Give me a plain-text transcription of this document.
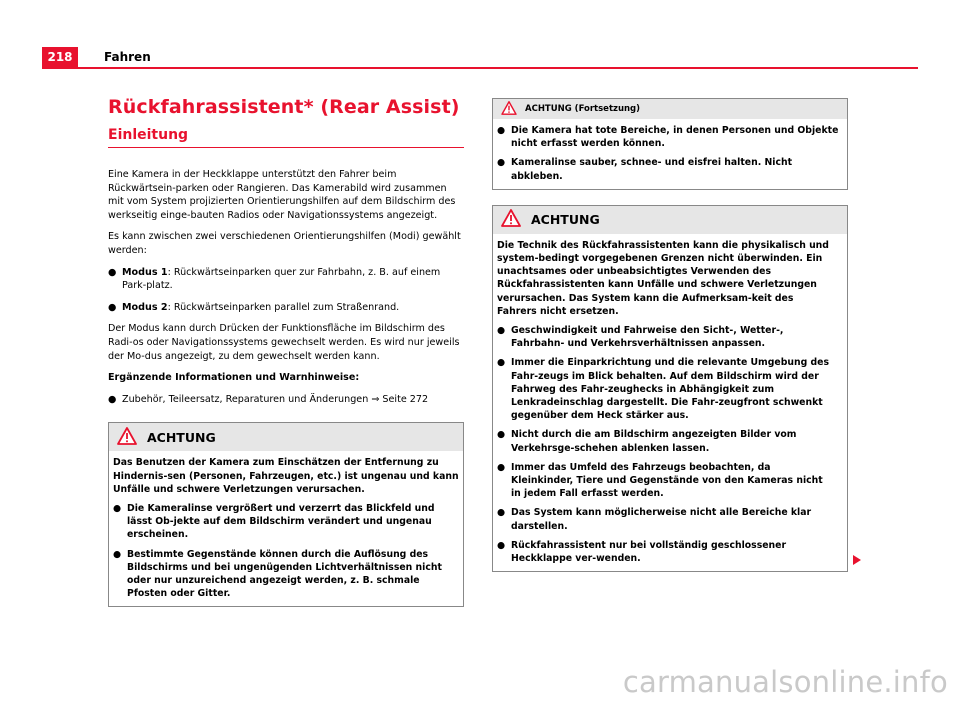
218	Fahren
Rückfahrassistent* (Rear Assist)
Einleitung

Eine Kamera in der Heckklappe unterstützt den Fahrer beim Rückwärtsein-parken oder Rangieren. Das Kamerabild wird zusammen mit vom System projizierten Orientierungshilfen auf dem Bildschirm des werkseitig einge-bauten Radios oder Navigationssystems angezeigt.

Es kann zwischen zwei verschiedenen Orientierungshilfen (Modi) gewählt werden:

● Modus 1: Rückwärtseinparken quer zur Fahrbahn, z. B. auf einem Park-platz.
● Modus 2: Rückwärtseinparken parallel zum Straßenrand.

Der Modus kann durch Drücken der Funktionsfläche im Bildschirm des Radi-os oder Navigationssystems gewechselt werden. Es wird nur jeweils der Mo-dus angezeigt, zu dem gewechselt werden kann.

Ergänzende Informationen und Warnhinweise:

● Zubehör, Teileersatz, Reparaturen und Änderungen ⇒ Seite 272
ACHTUNG

Das Benutzen der Kamera zum Einschätzen der Entfernung zu Hindernis-sen (Personen, Fahrzeugen, etc.) ist ungenau und kann Unfälle und schwere Verletzungen verursachen.

● Die Kameralinse vergrößert und verzerrt das Blickfeld und lässt Ob-jekte auf dem Bildschirm verändert und ungenau erscheinen.
● Bestimmte Gegenstände können durch die Auflösung des Bildschirms und bei ungenügenden Lichtverhältnissen nicht oder nur unzureichend angezeigt werden, z. B. schmale Pfosten oder Gitter.
ACHTUNG (Fortsetzung)
● Die Kamera hat tote Bereiche, in denen Personen und Objekte nicht erfasst werden können.
● Kameralinse sauber, schnee- und eisfrei halten. Nicht abkleben.
ACHTUNG

Die Technik des Rückfahrassistenten kann die physikalisch und system-bedingt vorgegebenen Grenzen nicht überwinden. Ein unachtsames oder unbeabsichtigtes Verwenden des Rückfahrassistenten kann Unfälle und schwere Verletzungen verursachen. Das System kann die Aufmerksam-keit des Fahrers nicht ersetzen.

● Geschwindigkeit und Fahrweise den Sicht-, Wetter-, Fahrbahn- und Verkehrsverhältnissen anpassen.
● Immer die Einparkrichtung und die relevante Umgebung des Fahr-zeugs im Blick behalten. Auf dem Bildschirm wird der Fahrweg des Fahr-zeughecks in Abhängigkeit zum Lenkradeinschlag dargestellt. Die Fahr-zeugfront schwenkt gegenüber dem Heck stärker aus.
● Nicht durch die am Bildschirm angezeigten Bilder vom Verkehrsge-schehen ablenken lassen.
● Immer das Umfeld des Fahrzeugs beobachten, da Kleinkinder, Tiere und Gegenstände von den Kameras nicht in jedem Fall erfasst werden.
● Das System kann möglicherweise nicht alle Bereiche klar darstellen.
● Rückfahrassistent nur bei vollständig geschlossener Heckklappe ver-wenden.
carmanualsonline.info
